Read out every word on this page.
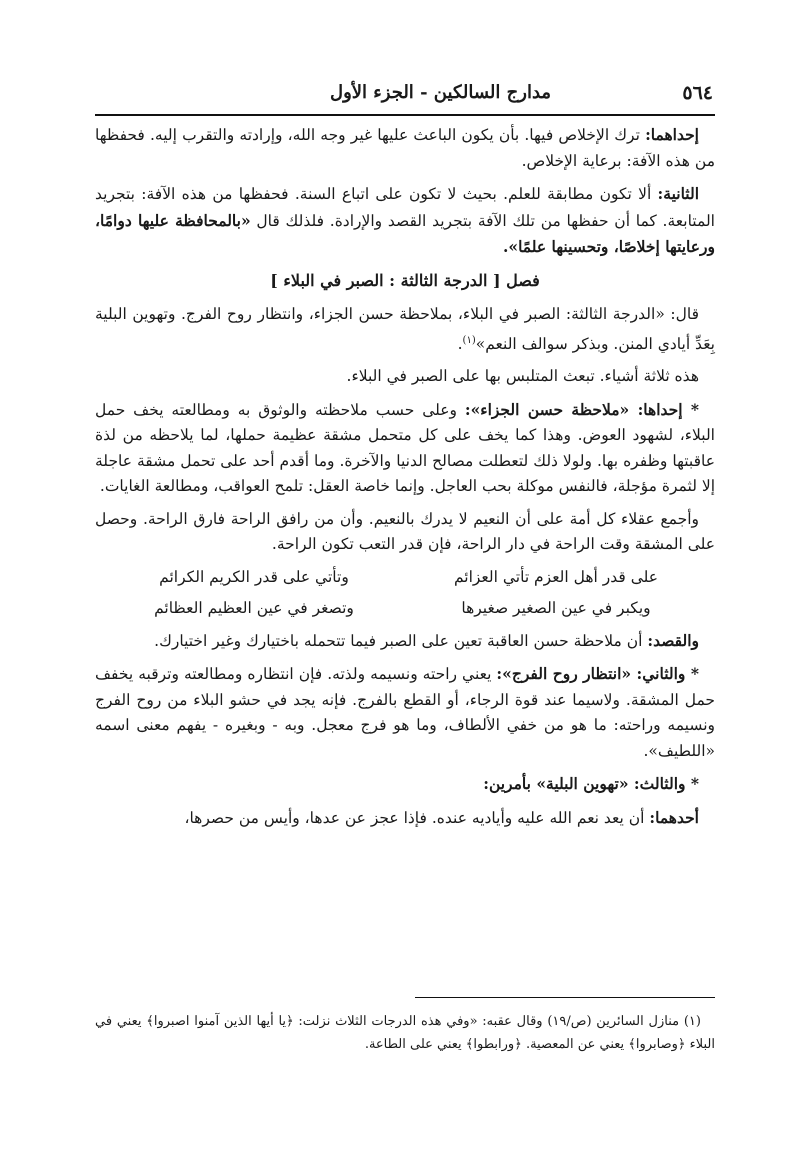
٥٦٤
مدارج السالكين - الجزء الأول

إحداهما: ترك الإخلاص فيها. بأن يكون الباعث عليها غير وجه الله، وإرادته والتقرب إليه. فحفظها من هذه الآفة: برعاية الإخلاص.

الثانية: ألا تكون مطابقة للعلم. بحيث لا تكون على اتباع السنة. فحفظها من هذه الآفة: بتجريد المتابعة. كما أن حفظها من تلك الآفة بتجريد القصد والإرادة. فلذلك قال «بالمحافظة عليها دوامًا، ورعايتها إخلاصًا، وتحسينها علمًا».

فصل [ الدرجة الثالثة : الصبر في البلاء ]

قال: «الدرجة الثالثة: الصبر في البلاء، بملاحظة حسن الجزاء، وانتظار روح الفرج. وتهوين البلية بِعَدِّ أيادي المنن. وبذكر سوالف النعم»$^{(١)}$.

هذه ثلاثة أشياء. تبعث المتلبس بها على الصبر في البلاء.

* إحداها: «ملاحظة حسن الجزاء»: وعلى حسب ملاحظته والوثوق به ومطالعته يخف حمل البلاء، لشهود العوض. وهذا كما يخف على كل متحمل مشقة عظيمة حملها، لما يلاحظه من لذة عاقبتها وظفره بها. ولولا ذلك لتعطلت مصالح الدنيا والآخرة. وما أقدم أحد على تحمل مشقة عاجلة إلا لثمرة مؤجلة، فالنفس موكلة بحب العاجل. وإنما خاصة العقل: تلمح العواقب، ومطالعة الغايات.

وأجمع عقلاء كل أمة على أن النعيم لا يدرك بالنعيم. وأن من رافق الراحة فارق الراحة. وحصل على المشقة وقت الراحة في دار الراحة، فإن قدر التعب تكون الراحة.

على قدر أهل العزم تأتي العزائم
وتأتي على قدر الكريم الكرائم
ويكبر في عين الصغير صغيرها
وتصغر في عين العظيم العظائم

والقصد: أن ملاحظة حسن العاقبة تعين على الصبر فيما تتحمله باختيارك وغير اختيارك.

* والثاني: «انتظار روح الفرج»: يعني راحته ونسيمه ولذته. فإن انتظاره ومطالعته وترقبه يخفف حمل المشقة. ولاسيما عند قوة الرجاء، أو القطع بالفرج. فإنه يجد في حشو البلاء من روح الفرج ونسيمه وراحته: ما هو من خفي الألطاف، وما هو فرج معجل. وبه - وبغيره - يفهم معنى اسمه «اللطيف».

* والثالث: «تهوين البلية» بأمرين:

أحدهما: أن يعد نعم الله عليه وأياديه عنده. فإذا عجز عن عدها، وأيس من حصرها،

(١) منازل السائرين (ص/١٩) وقال عقبه: «وفي هذه الدرجات الثلاث نزلت: ﴿يا أيها الذين آمنوا اصبروا﴾ يعني في البلاء ﴿وصابروا﴾ يعني عن المعصية. ﴿ورابطوا﴾ يعني على الطاعة.
